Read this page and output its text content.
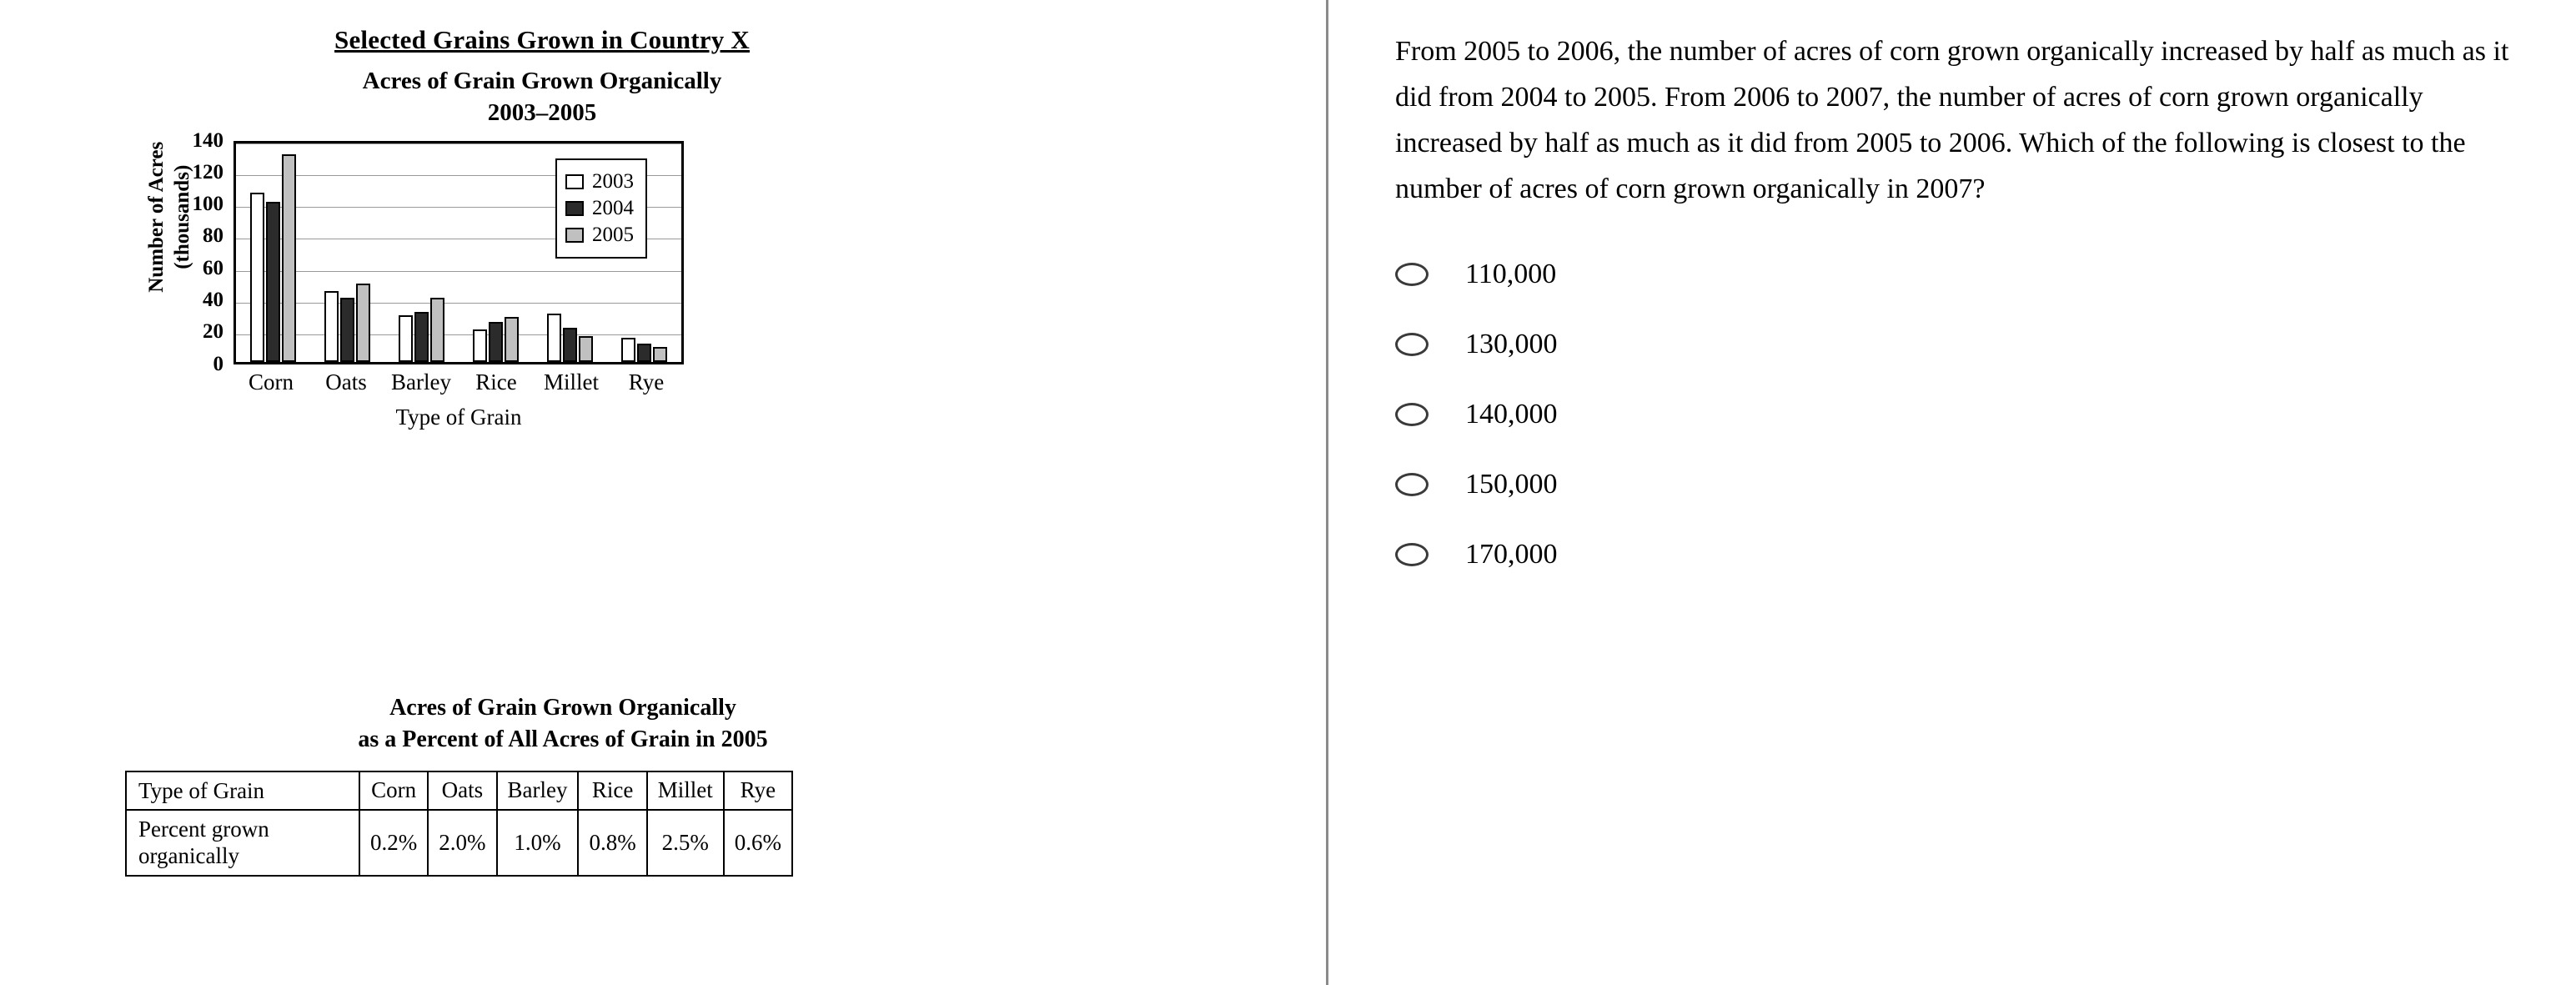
Selected Grains Grown in Country X
Acres of Grain Grown Organically
2003–2005
Number of Acres (thousands)	2003
2004
2005
0
20
40
60
80
100
120
140
Corn	Oats	Barley	Rice	Millet	Rye
Type of Grain
Acres of Grain Grown Organically
as a Percent of All Acres of Grain in 2005
Type of Grain	Corn	Oats	Barley	Rice	Millet	Rye

Percent grown
organically	0.2%	2.0%	1.0%	0.8%	2.5%	0.6%
From 2005 to 2006, the number of acres of corn grown organically increased by half as much as it did from 2004 to 2005. From 2006 to 2007, the number of acres of corn grown organically increased by half as much as it did from 2005 to 2006. Which of the following is closest to the number of acres of corn grown organically in 2007?
110,000
130,000
140,000
150,000
170,000
